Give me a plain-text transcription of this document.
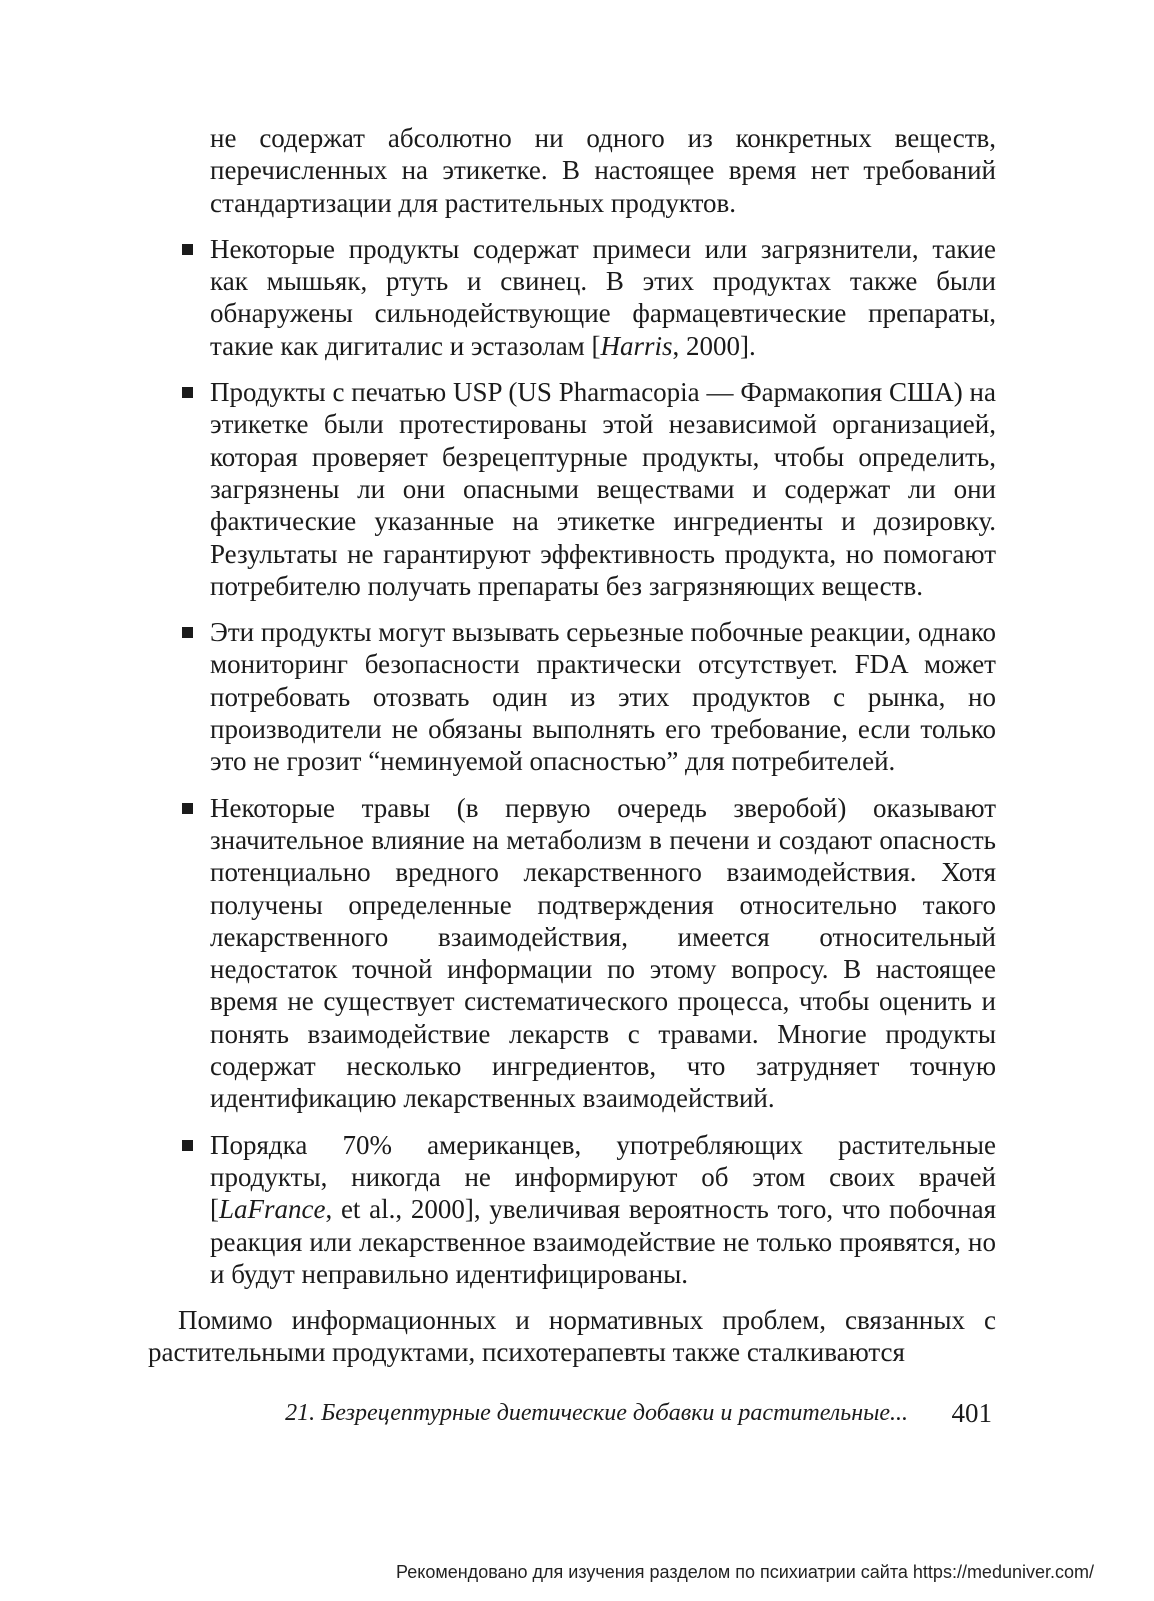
не содержат абсолютно ни одного из конкретных веществ, перечисленных на этикетке. В настоящее время нет требований стандартизации для растительных продуктов.

Некоторые продукты содержат примеси или загрязнители, такие как мышьяк, ртуть и свинец. В этих продуктах также были обнаружены сильнодействующие фармацевтические препараты, такие как дигиталис и эстазолам [Harris, 2000].
Продукты с печатью USP (US Pharmacopia — Фармакопия США) на этикетке были протестированы этой независимой организацией, которая проверяет безрецептурные продукты, чтобы определить, загрязнены ли они опасными веществами и содержат ли они фактические указанные на этикетке ингредиенты и дозировку. Результаты не гарантируют эффективность продукта, но помогают потребителю получать препараты без загрязняющих веществ.
Эти продукты могут вызывать серьезные побочные реакции, однако мониторинг безопасности практически отсутствует. FDA может потребовать отозвать один из этих продуктов с рынка, но производители не обязаны выполнять его требование, если только это не грозит “неминуемой опасностью” для потребителей.
Некоторые травы (в первую очередь зверобой) оказывают значительное влияние на метаболизм в печени и создают опасность потенциально вредного лекарственного взаимодействия. Хотя получены определенные подтверждения относительно такого лекарственного взаимодействия, имеется относительный недостаток точной информации по этому вопросу. В настоящее время не существует систематического процесса, чтобы оценить и понять взаимодействие лекарств с травами. Многие продукты содержат несколько ингредиентов, что затрудняет точную идентификацию лекарственных взаимодействий.
Порядка 70% американцев, употребляющих растительные продукты, никогда не информируют об этом своих врачей [LaFrance, et al., 2000], увеличивая вероятность того, что побочная реакция или лекарственное взаимодействие не только проявятся, но и будут неправильно идентифицированы.

Помимо информационных и нормативных проблем, связанных с растительными продуктами, психотерапевты также сталкиваются

21. Безрецептурные диетические добавки и растительные... 401
Рекомендовано для изучения разделом по психиатрии сайта https://meduniver.com/
